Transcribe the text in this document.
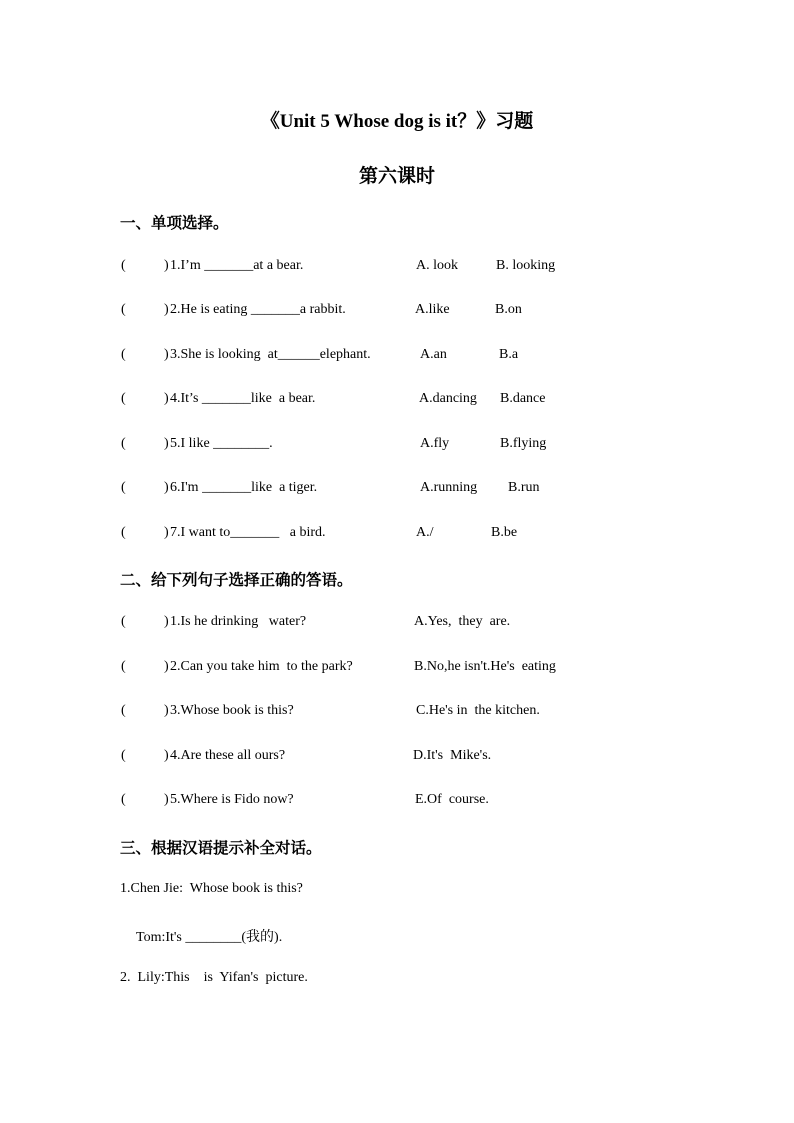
《Unit 5 Whose dog is it？》习题
第六课时
一、单项选择。
(	) 1.I’m _______at a bear.	A. look	B. looking
(	) 2.He is eating _______a rabbit.	A.like	B.on
(	) 3.She is looking  at______elephant.	A.an	B.a
(	) 4.It’s _______like  a bear.	A.dancing B.dance
(	) 5.I like ________.	A.fly	B.flying
(	) 6.I'm _______like  a tiger.	A.running B.run
(	) 7.I want to_______   a bird.	A./	B.be
二、给下列句子选择正确的答语。
(	) 1.Is he drinking   water?	A.Yes,  they  are.
(	) 2.Can you take him  to the park?	B.No,he isn't.He's  eating
(	) 3.Whose book is this?	C.He's in  the kitchen.
(	) 4.Are these all ours?	D.It's  Mike's.
(	) 5.Where is Fido now?	E.Of  course.
三、根据汉语提示补全对话。
1.Chen Jie:  Whose book is this?
Tom:It's ________(我的).
2.  Lily:This    is  Yifan's  picture.
